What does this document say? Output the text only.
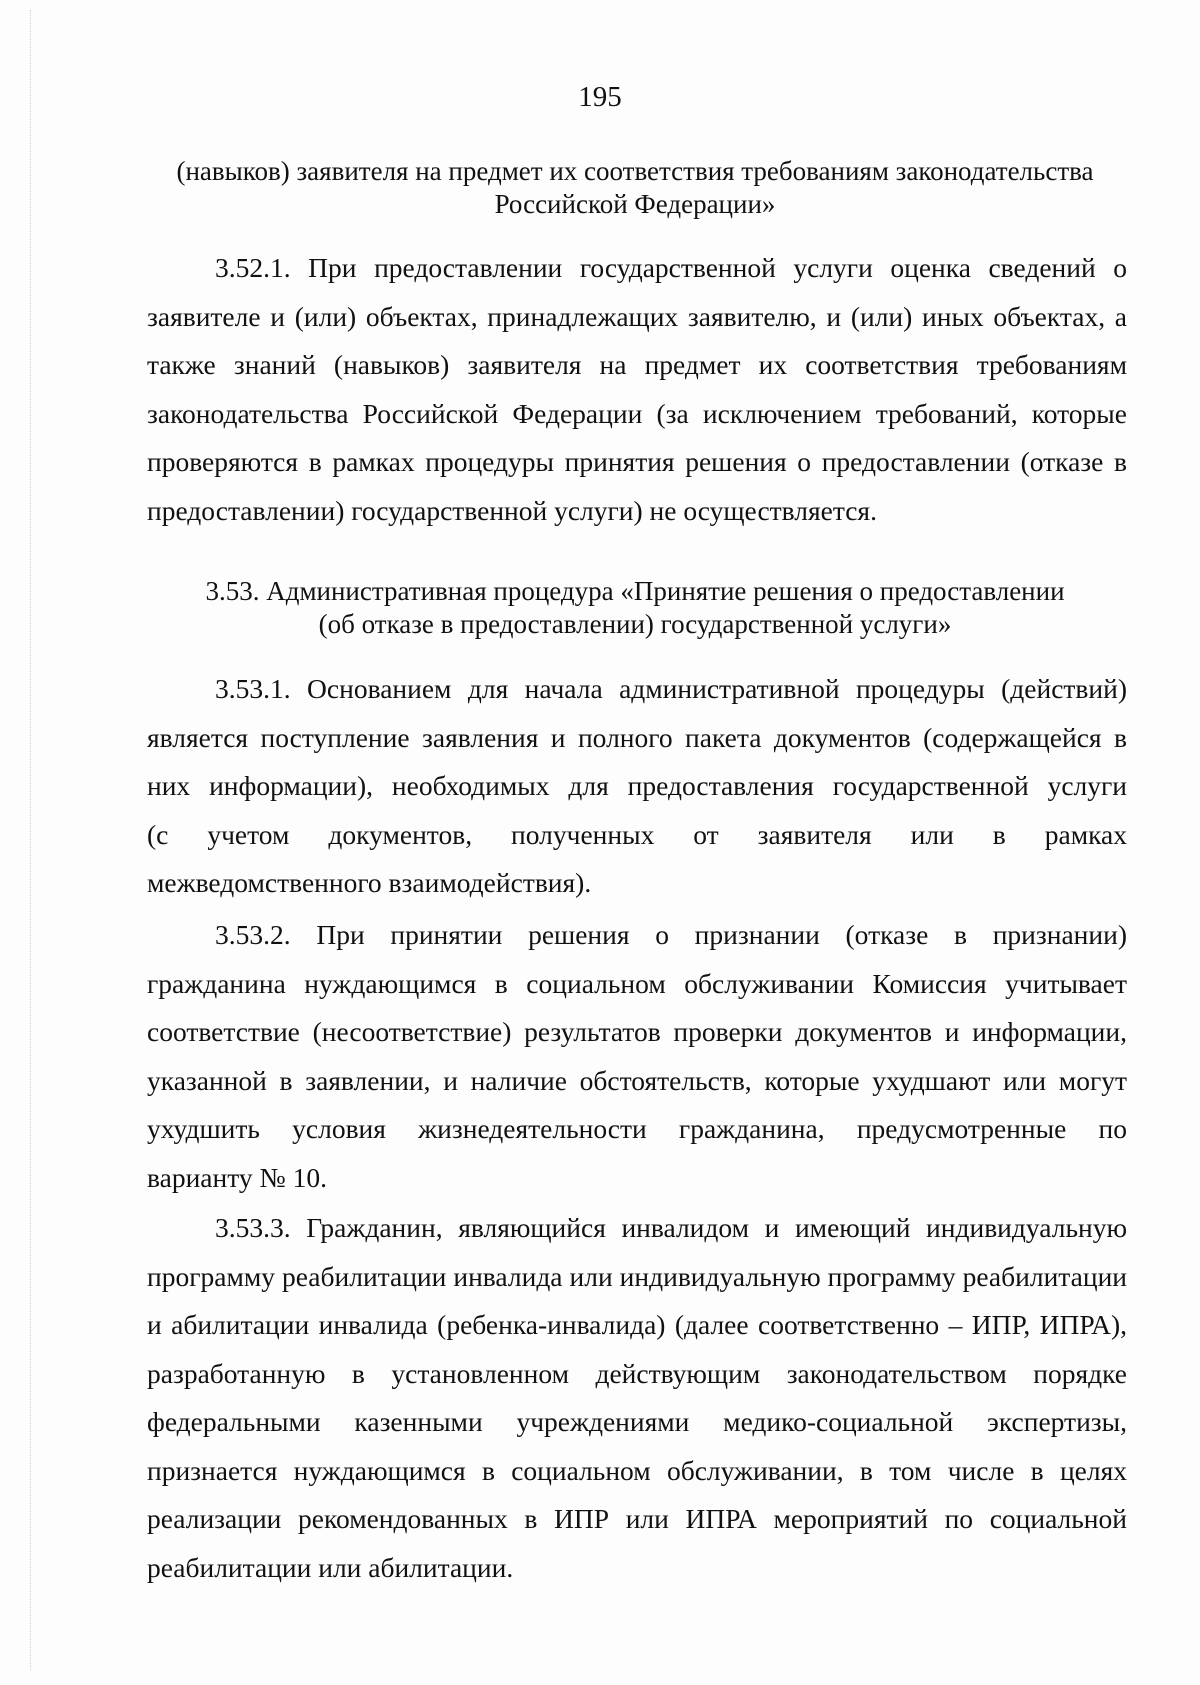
195
(навыков) заявителя на предмет их соответствия требованиям законодательства
Российской Федерации»
3.52.1. При предоставлении государственной услуги оценка сведений о
заявителе и (или) объектах, принадлежащих заявителю, и (или) иных объектах, а
также знаний (навыков) заявителя на предмет их соответствия требованиям
законодательства Российской Федерации (за исключением требований, которые
проверяются в рамках процедуры принятия решения о предоставлении (отказе в
предоставлении) государственной услуги) не осуществляется.
3.53. Административная процедура «Принятие решения о предоставлении
(об отказе в предоставлении) государственной услуги»
3.53.1. Основанием для начала административной процедуры (действий)
является поступление заявления и полного пакета документов (содержащейся в
них информации), необходимых для предоставления государственной услуги
(с учетом документов, полученных от заявителя или в рамках
межведомственного взаимодействия).
3.53.2. При принятии решения о признании (отказе в признании)
гражданина нуждающимся в социальном обслуживании Комиссия учитывает
соответствие (несоответствие) результатов проверки документов и информации,
указанной в заявлении, и наличие обстоятельств, которые ухудшают или могут
ухудшить условия жизнедеятельности гражданина, предусмотренные по
варианту № 10.
3.53.3. Гражданин, являющийся инвалидом и имеющий индивидуальную
программу реабилитации инвалида или индивидуальную программу реабилитации
и абилитации инвалида (ребенка-инвалида) (далее соответственно – ИПР, ИПРА),
разработанную в установленном действующим законодательством порядке
федеральными казенными учреждениями медико-социальной экспертизы,
признается нуждающимся в социальном обслуживании, в том числе в целях
реализации рекомендованных в ИПР или ИПРА мероприятий по социальной
реабилитации или абилитации.
